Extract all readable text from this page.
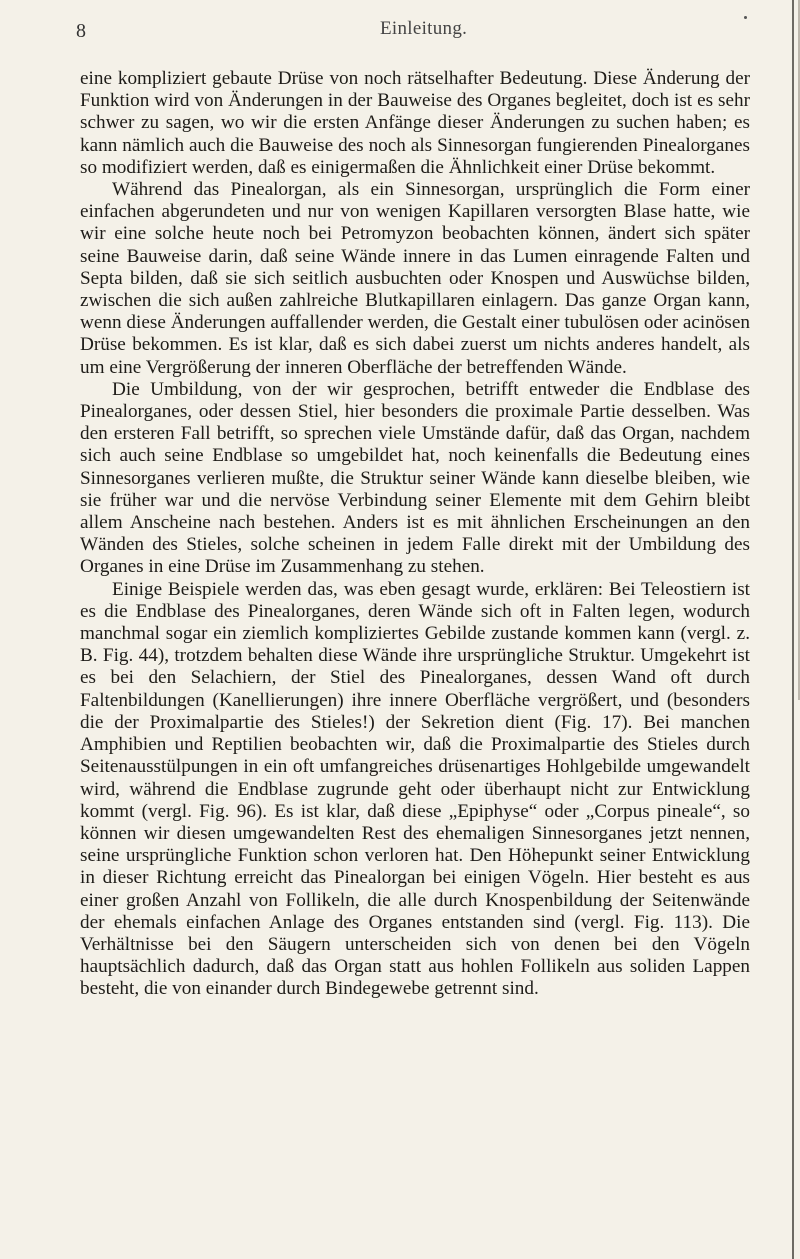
8	Einleitung.

eine kompliziert gebaute Drüse von noch rätselhafter Bedeutung. Diese Änderung der Funktion wird von Änderungen in der Bauweise des Organes begleitet, doch ist es sehr schwer zu sagen, wo wir die ersten Anfänge dieser Änderungen zu suchen haben; es kann nämlich auch die Bauweise des noch als Sinnesorgan fungierenden Pinealorganes so modifiziert werden, daß es einigermaßen die Ähnlichkeit einer Drüse bekommt.

Während das Pinealorgan, als ein Sinnesorgan, ursprünglich die Form einer einfachen abgerundeten und nur von wenigen Kapillaren versorgten Blase hatte, wie wir eine solche heute noch bei Petromyzon beobachten können, ändert sich später seine Bauweise darin, daß seine Wände innere in das Lumen einragende Falten und Septa bilden, daß sie sich seitlich ausbuchten oder Knospen und Auswüchse bilden, zwischen die sich außen zahlreiche Blutkapillaren einlagern. Das ganze Organ kann, wenn diese Änderungen auffallender werden, die Gestalt einer tubulösen oder acinösen Drüse bekommen. Es ist klar, daß es sich dabei zuerst um nichts anderes handelt, als um eine Vergrößerung der inneren Oberfläche der betreffenden Wände.

Die Umbildung, von der wir gesprochen, betrifft entweder die Endblase des Pinealorganes, oder dessen Stiel, hier besonders die proximale Partie desselben. Was den ersteren Fall betrifft, so sprechen viele Umstände dafür, daß das Organ, nachdem sich auch seine Endblase so umgebildet hat, noch keinenfalls die Bedeutung eines Sinnesorganes verlieren mußte, die Struktur seiner Wände kann dieselbe bleiben, wie sie früher war und die nervöse Verbindung seiner Elemente mit dem Gehirn bleibt allem Anscheine nach bestehen. Anders ist es mit ähnlichen Erscheinungen an den Wänden des Stieles, solche scheinen in jedem Falle direkt mit der Umbildung des Organes in eine Drüse im Zusammenhang zu stehen.

Einige Beispiele werden das, was eben gesagt wurde, erklären: Bei Teleostiern ist es die Endblase des Pinealorganes, deren Wände sich oft in Falten legen, wodurch manchmal sogar ein ziemlich kompliziertes Gebilde zustande kommen kann (vergl. z. B. Fig. 44), trotzdem behalten diese Wände ihre ursprüngliche Struktur. Umgekehrt ist es bei den Selachiern, der Stiel des Pinealorganes, dessen Wand oft durch Faltenbildungen (Kanellierungen) ihre innere Oberfläche vergrößert, und (besonders die der Proximalpartie des Stieles!) der Sekretion dient (Fig. 17). Bei manchen Amphibien und Reptilien beobachten wir, daß die Proximalpartie des Stieles durch Seitenausstülpungen in ein oft umfangreiches drüsenartiges Hohlgebilde umgewandelt wird, während die Endblase zugrunde geht oder überhaupt nicht zur Entwicklung kommt (vergl. Fig. 96). Es ist klar, daß diese „Epiphyse“ oder „Corpus pineale“, so können wir diesen umgewandelten Rest des ehemaligen Sinnesorganes jetzt nennen, seine ursprüngliche Funktion schon verloren hat. Den Höhepunkt seiner Entwicklung in dieser Richtung erreicht das Pinealorgan bei einigen Vögeln. Hier besteht es aus einer großen Anzahl von Follikeln, die alle durch Knospenbildung der Seitenwände der ehemals einfachen Anlage des Organes entstanden sind (vergl. Fig. 113). Die Verhältnisse bei den Säugern unterscheiden sich von denen bei den Vögeln hauptsächlich dadurch, daß das Organ statt aus hohlen Follikeln aus soliden Lappen besteht, die von einander durch Bindegewebe getrennt sind.
